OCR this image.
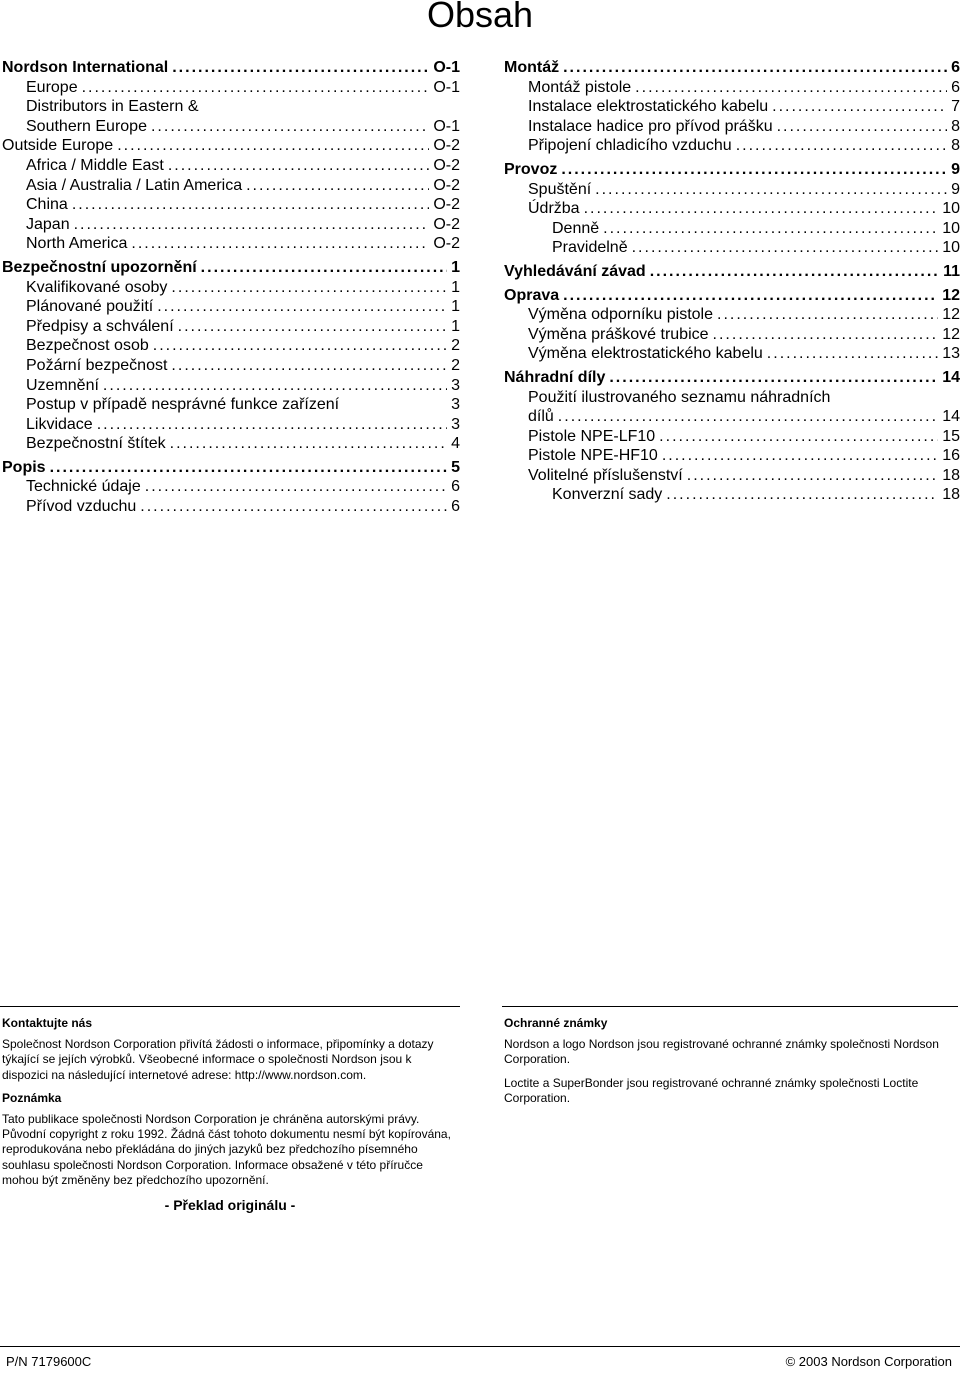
Obsah
Nordson International .....	O-1
Europe .....	O-1
Distributors in Eastern &
Southern Europe .....	O-1
Outside Europe .....	O-2
Africa / Middle East .....	O-2
Asia / Australia / Latin America .....	O-2
China .....	O-2
Japan .....	O-2
North America .....	O-2
Bezpečnostní upozornění .....	1
Kvalifikované osoby .....	1
Plánované použití .....	1
Předpisy a schválení .....	1
Bezpečnost osob .....	2
Požární bezpečnost .....	2
Uzemnění .....	3
Postup v případě nesprávné funkce zařízení	3
Likvidace .....	3
Bezpečnostní štítek .....	4
Popis .....	5
Technické údaje .....	6
Přívod vzduchu .....	6
Montáž .....	6
Montáž pistole .....	6
Instalace elektrostatického kabelu .....	7
Instalace hadice pro přívod prášku .....	8
Připojení chladicího vzduchu .....	8
Provoz .....	9
Spuštění .....	9
Údržba .....	10
Denně .....	10
Pravidelně .....	10
Vyhledávání závad .....	11
Oprava .....	12
Výměna odporníku pistole .....	12
Výměna práškové trubice .....	12
Výměna elektrostatického kabelu .....	13
Náhradní díly .....	14
Použití ilustrovaného seznamu náhradních
dílů .....	14
Pistole NPE-LF10 .....	15
Pistole NPE-HF10 .....	16
Volitelné příslušenství .....	18
Konverzní sady .....	18
Kontaktujte nás

Společnost Nordson Corporation přivítá žádosti o informace, připomínky a dotazy týkající se jejích výrobků. Všeobecné informace o společnosti Nordson jsou k dispozici na následující internetové adrese: http://www.nordson.com.

Poznámka

Tato publikace společnosti Nordson Corporation je chráněna autorskými právy. Původní copyright z roku 1992. Žádná část tohoto dokumentu nesmí být kopírována, reprodukována nebo překládána do jiných jazyků bez předchozího písemného souhlasu společnosti Nordson Corporation. Informace obsažené v této příručce mohou být změněny bez předchozího upozornění.

- Překlad originálu -
Ochranné známky

Nordson a logo Nordson jsou registrované ochranné známky společnosti Nordson Corporation.

Loctite a SuperBonder jsou registrované ochranné známky společnosti Loctite Corporation.

P/N 7179600C	© 2003 Nordson Corporation
